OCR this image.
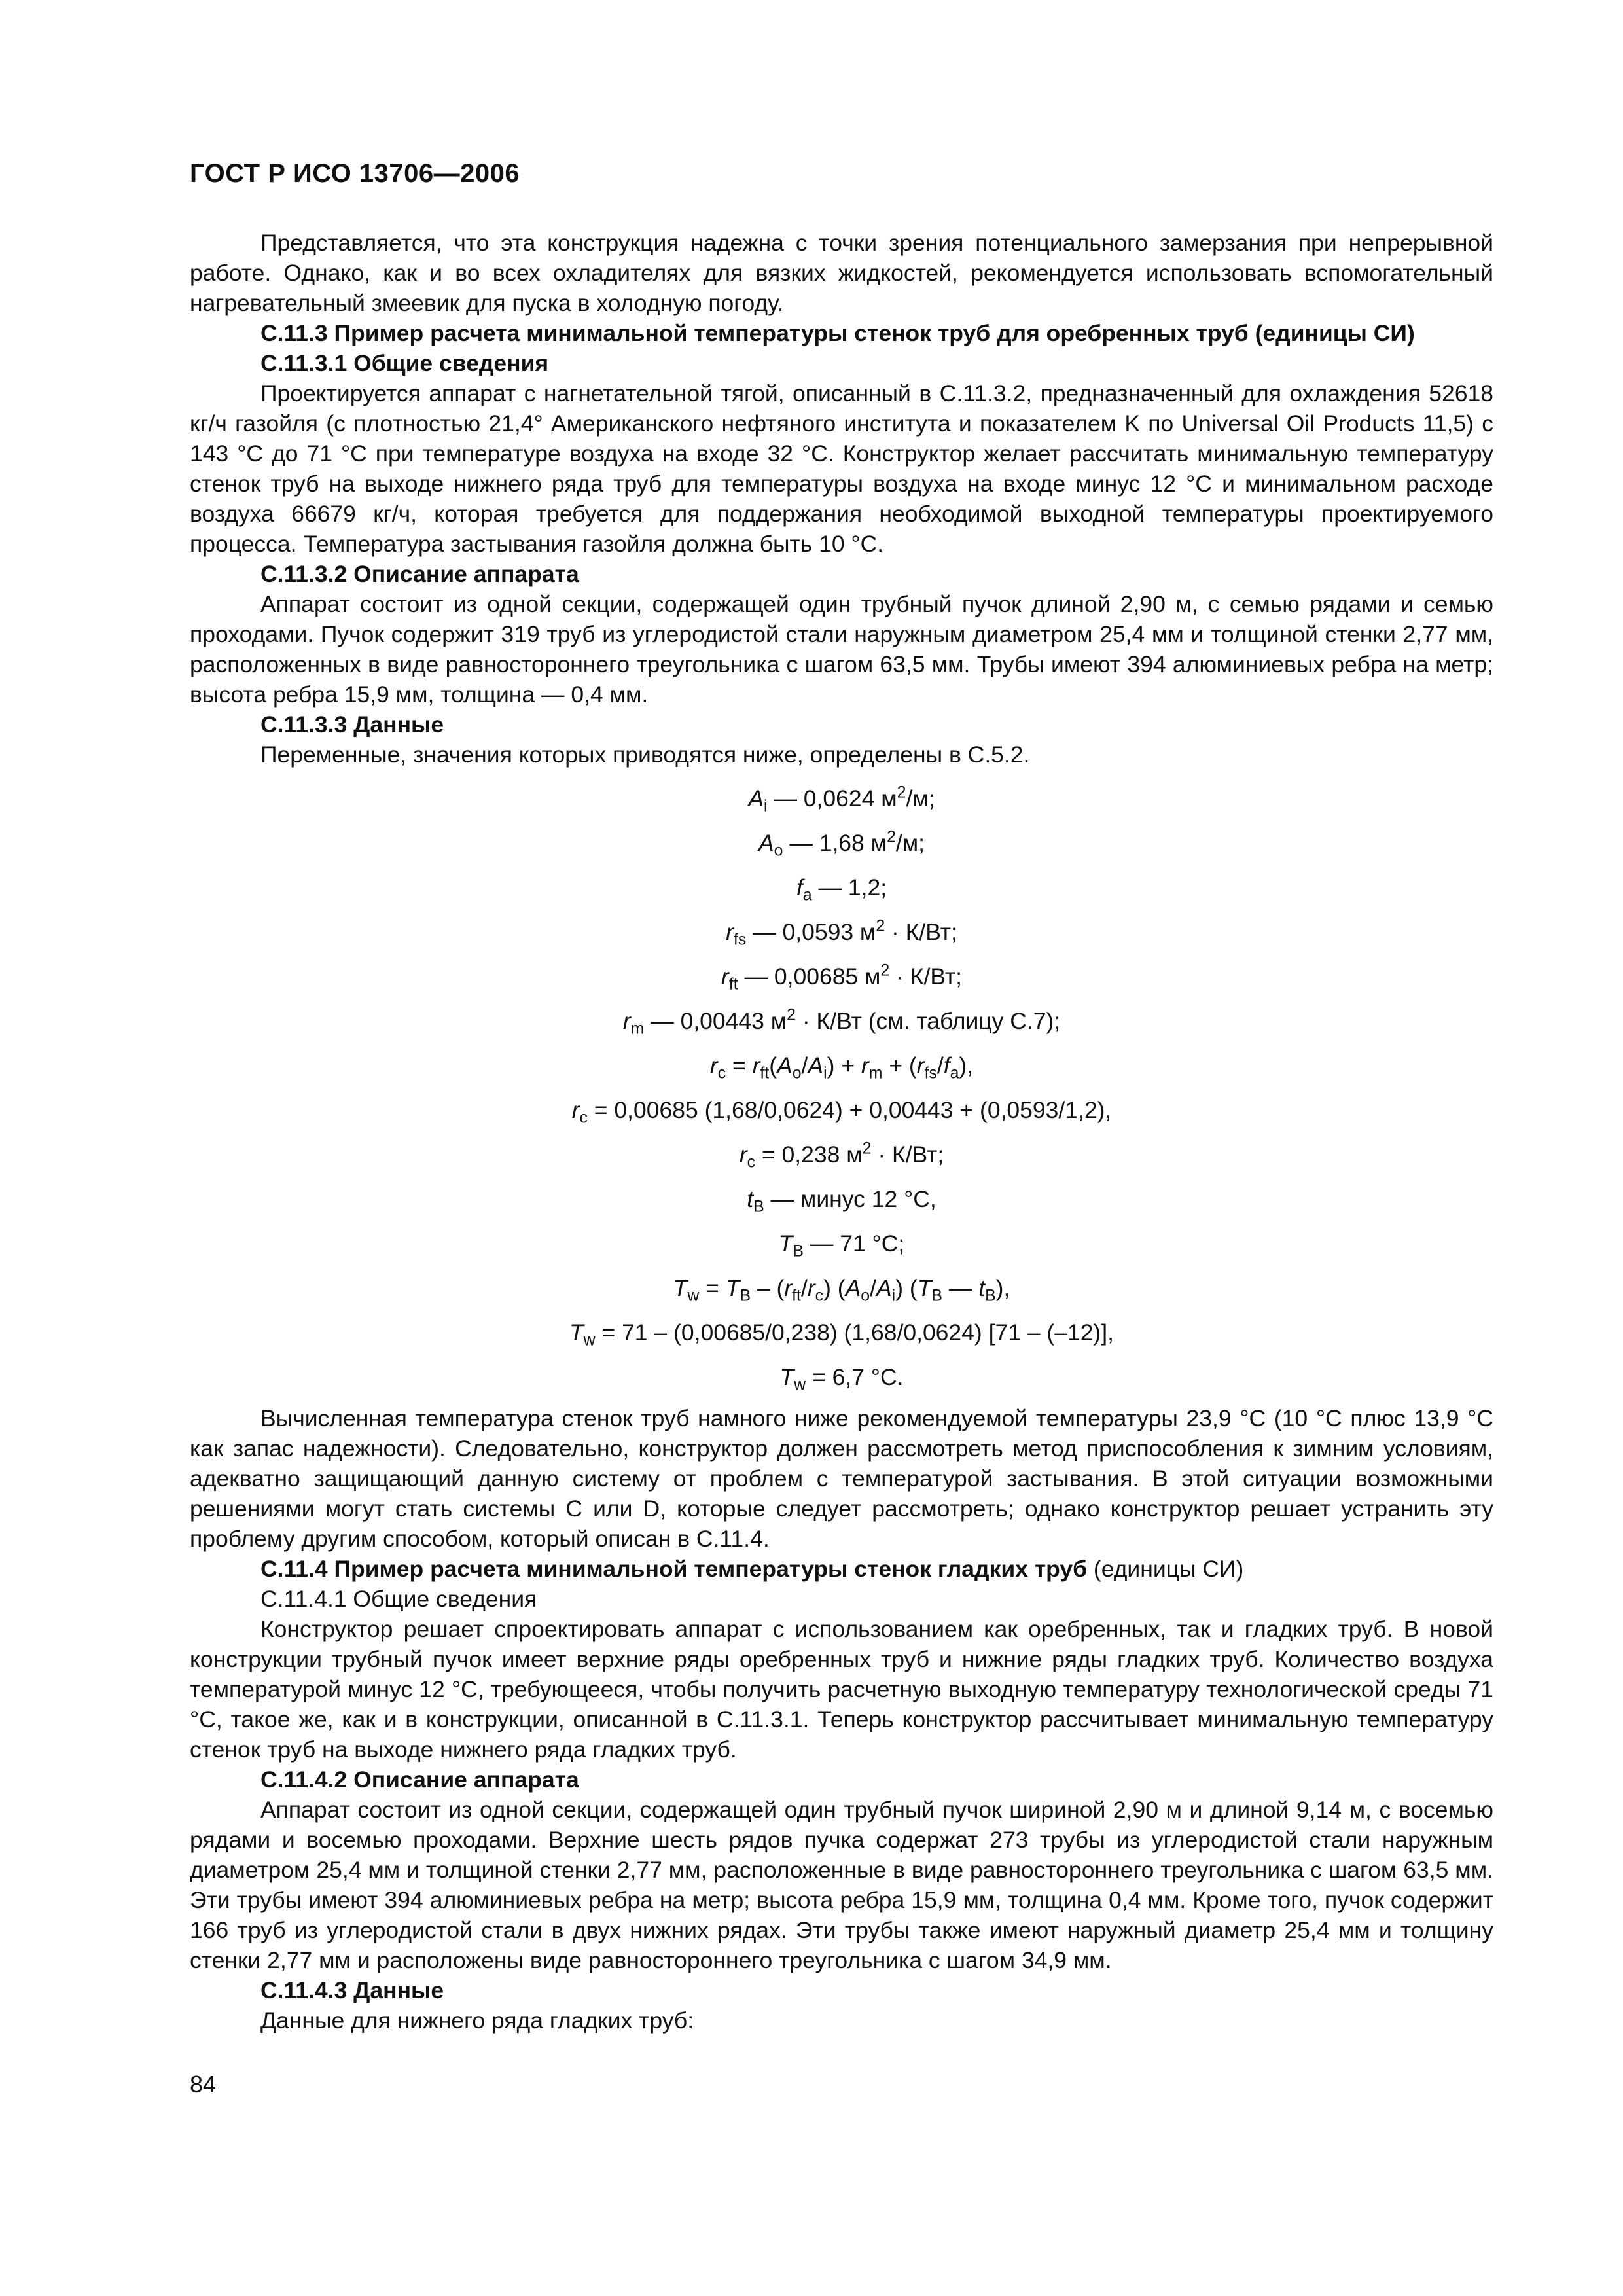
ГОСТ Р ИСО 13706—2006

Представляется, что эта конструкция надежна с точки зрения потенциального замерзания при непрерывной работе. Однако, как и во всех охладителях для вязких жидкостей, рекомендуется использовать вспомогательный нагревательный змеевик для пуска в холодную погоду.

С.11.3 Пример расчета минимальной температуры стенок труб для оребренных труб (единицы СИ)

С.11.3.1 Общие сведения

Проектируется аппарат с нагнетательной тягой, описанный в С.11.3.2, предназначенный для охлаждения 52618 кг/ч газойля (с плотностью 21,4° Американского нефтяного института и показателем K по Universal Oil Products 11,5) с 143 °С до 71 °С при температуре воздуха на входе 32 °С. Конструктор желает рассчитать минимальную температуру стенок труб на выходе нижнего ряда труб для температуры воздуха на входе минус 12 °С и минимальном расходе воздуха 66679 кг/ч, которая требуется для поддержания необходимой выходной температуры проектируемого процесса. Температура застывания газойля должна быть 10 °С.

С.11.3.2 Описание аппарата

Аппарат состоит из одной секции, содержащей один трубный пучок длиной 2,90 м, с семью рядами и семью проходами. Пучок содержит 319 труб из углеродистой стали наружным диаметром 25,4 мм и толщиной стенки 2,77 мм, расположенных в виде равностороннего треугольника с шагом 63,5 мм. Трубы имеют 394 алюминиевых ребра на метр; высота ребра 15,9 мм, толщина — 0,4 мм.

С.11.3.3 Данные

Переменные, значения которых приводятся ниже, определены в С.5.2.

$A_i$ — 0,0624 $м^2/м$;
$A_o$ — 1,68 $м^2/м$;
$f_a$ — 1,2;
$r_{fs}$ — 0,0593 $м^2 \cdot К/Вт$;
$r_{ft}$ — 0,00685 $м^2 \cdot К/Вт$;
$r_m$ — 0,00443 $м^2 \cdot К/Вт$ (см. таблицу С.7);
$r_c = r_{ft}(A_o/A_i) + r_m + (r_{fs}/f_a)$,
$r_c = 0,00685$ (1,68/0,0624) + 0,00443 + (0,0593/1,2),
$r_c = 0,238$ $м^2 \cdot К/Вт$;
$t_B$ — минус 12 °С,
$T_B$ — 71 °С;
$T_w = T_B - (r_{ft}/r_c)$ $(A_o/A_i)$ ($T_B$ — $t_B$),
$T_w = 71 - (0,00685/0,238)$ (1,68/0,0624) [71 – (–12)],
$T_w = 6,7$ °С.

Вычисленная температура стенок труб намного ниже рекомендуемой температуры 23,9 °С (10 °С плюс 13,9 °С как запас надежности). Следовательно, конструктор должен рассмотреть метод приспособления к зимним условиям, адекватно защищающий данную систему от проблем с температурой застывания. В этой ситуации возможными решениями могут стать системы С или D, которые следует рассмотреть; однако конструктор решает устранить эту проблему другим способом, который описан в С.11.4.

С.11.4 Пример расчета минимальной температуры стенок гладких труб (единицы СИ)

С.11.4.1 Общие сведения

Конструктор решает спроектировать аппарат с использованием как оребренных, так и гладких труб. В новой конструкции трубный пучок имеет верхние ряды оребренных труб и нижние ряды гладких труб. Количество воздуха температурой минус 12 °С, требующееся, чтобы получить расчетную выходную температуру технологической среды 71 °С, такое же, как и в конструкции, описанной в С.11.3.1. Теперь конструктор рассчитывает минимальную температуру стенок труб на выходе нижнего ряда гладких труб.

С.11.4.2 Описание аппарата

Аппарат состоит из одной секции, содержащей один трубный пучок шириной 2,90 м и длиной 9,14 м, с восемью рядами и восемью проходами. Верхние шесть рядов пучка содержат 273 трубы из углеродистой стали наружным диаметром 25,4 мм и толщиной стенки 2,77 мм, расположенные в виде равностороннего треугольника с шагом 63,5 мм. Эти трубы имеют 394 алюминиевых ребра на метр; высота ребра 15,9 мм, толщина 0,4 мм. Кроме того, пучок содержит 166 труб из углеродистой стали в двух нижних рядах. Эти трубы также имеют наружный диаметр 25,4 мм и толщину стенки 2,77 мм и расположены виде равностороннего треугольника с шагом 34,9 мм.

С.11.4.3 Данные

Данные для нижнего ряда гладких труб:

84
